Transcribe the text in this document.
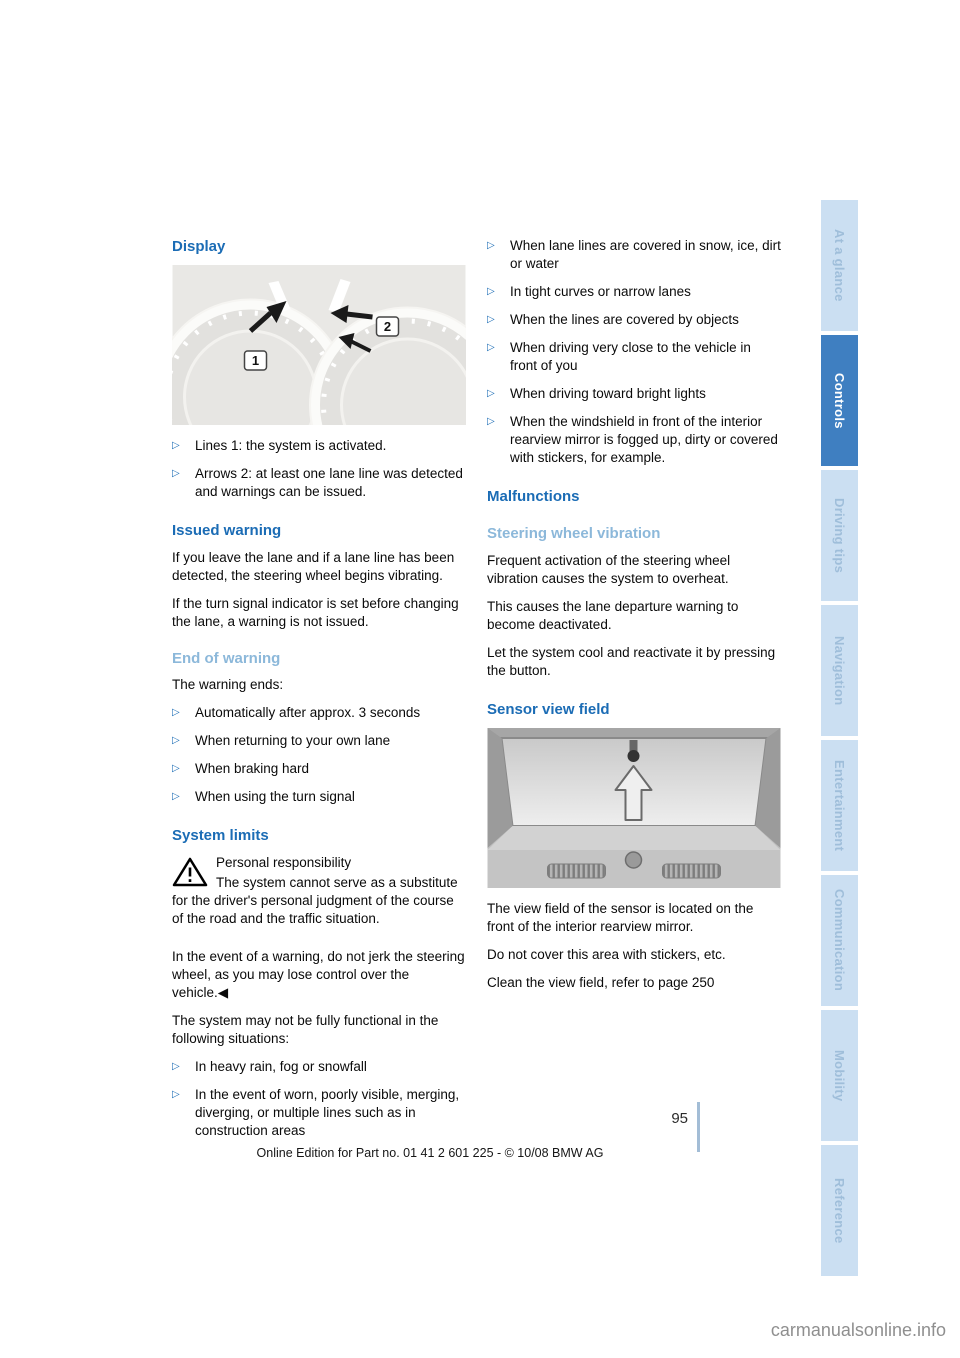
At a glance
Controls
Driving tips
Navigation
Entertainment
Communication
Mobility
Reference
Display
1
2
▷
Lines 1: the system is activated.
▷
Arrows 2: at least one lane line was detected and warnings can be issued.
Issued warning

If you leave the lane and if a lane line has been detected, the steering wheel begins vibrating.

If the turn signal indicator is set before changing the lane, a warning is not issued.

End of warning

The warning ends:

▷
Automatically after approx. 3 seconds
▷
When returning to your own lane
▷
When braking hard
▷
When using the turn signal
System limits

Personal responsibility

The system cannot serve as a substitute for the driver's personal judgment of the course of the road and the traffic situation.

In the event of a warning, do not jerk the steering wheel, as you may lose control over the vehicle.◀

The system may not be fully functional in the following situations:

▷
In heavy rain, fog or snowfall
▷
In the event of worn, poorly visible, merging, diverging, or multiple lines such as in construction areas
▷
When lane lines are covered in snow, ice, dirt or water
▷
In tight curves or narrow lanes
▷
When the lines are covered by objects
▷
When driving very close to the vehicle in front of you
▷
When driving toward bright lights
▷
When the windshield in front of the interior rearview mirror is fogged up, dirty or covered with stickers, for example.
Malfunctions
Steering wheel vibration

Frequent activation of the steering wheel vibration causes the system to overheat.

This causes the lane departure warning to become deactivated.

Let the system cool and reactivate it by pressing the button.

Sensor view field

The view field of the sensor is located on the front of the interior rearview mirror.

Do not cover this area with stickers, etc.

Clean the view field, refer to page 250

95
Online Edition for Part no. 01 41 2 601 225 - © 10/08 BMW AG
carmanualsonline.info
